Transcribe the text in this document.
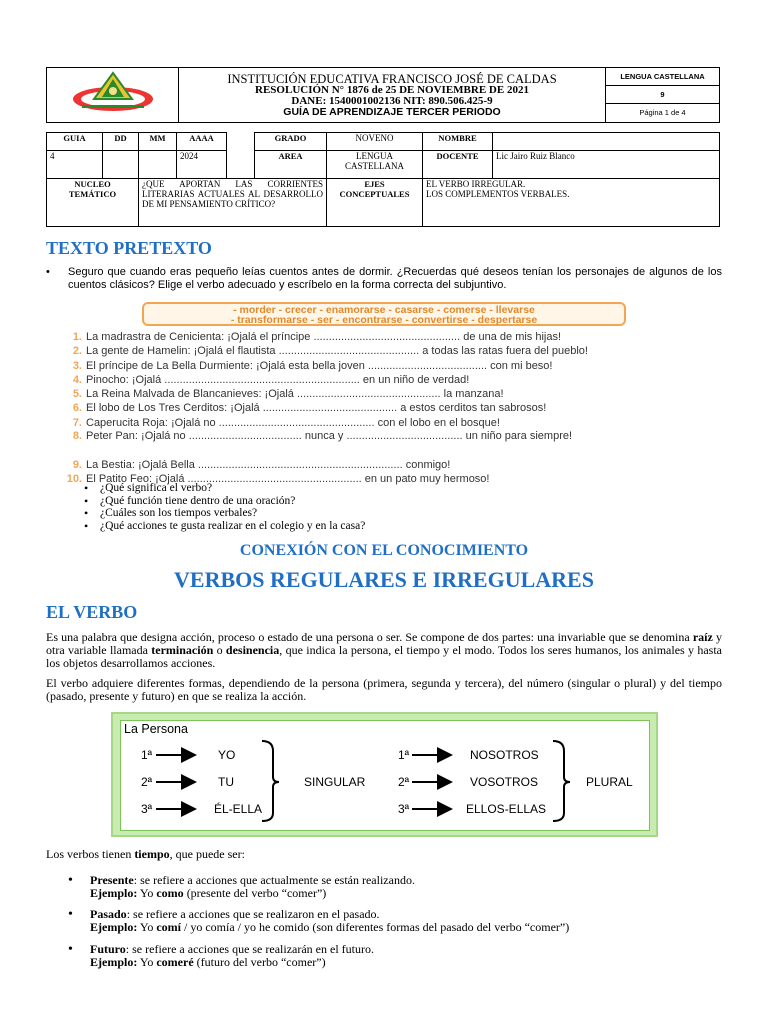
INSTITUCIÓN EDUCATIVA FRANCISCO JOSÉ DE CALDAS
RESOLUCIÓN N° 1876 de 25 DE NOVIEMBRE DE 2021
DANE: 1540001002136 NIT: 890.506.425-9
GUÍA DE APRENDIZAJE TERCER PERIODO

LENGUA CASTELLANA
9
Página 1 de 4
GUIA	DD	MM	AAAA		GRADO	NOVENO	NOMBRE	
4			2024		AREA	LENGUA CASTELLANA	DOCENTE	Lic Jairo Ruiz Blanco
NUCLEO TEMÁTICO		¿QUE APORTAN LAS CORRIENTES LITERARIAS ACTUALES AL DESARROLLO DE MI PENSAMIENTO CRÍTICO?				EJES CONCEPTUALES	EL VERBO IRREGULAR.
LOS COMPLEMENTOS VERBALES.	
TEXTO PRETEXTO
• Seguro que cuando eras pequeño leías cuentos antes de dormir. ¿Recuerdas qué deseos tenían los personajes de algunos de los cuentos clásicos? Elige el verbo adecuado y escríbelo en la forma correcta del subjuntivo.
- morder - crecer - enamorarse - casarse - comerse - llevarse
- transformarse - ser - encontrarse - convertirse - despertarse
1. La madrastra de Cenicienta: ¡Ojalá el príncipe ................................................ de una de mis hijas!
2. La gente de Hamelin: ¡Ojalá el flautista .............................................. a todas las ratas fuera del pueblo!
3. El príncipe de La Bella Durmiente: ¡Ojalá esta bella joven ....................................... con mi beso!
4. Pinocho: ¡Ojalá ................................................................ en un niño de verdad!
5. La Reina Malvada de Blancanieves: ¡Ojalá ............................................... la manzana!
6. El lobo de Los Tres Cerditos: ¡Ojalá ............................................ a estos cerditos tan sabrosos!
7. Caperucita Roja: ¡Ojalá no ................................................... con el lobo en el bosque!
8. Peter Pan: ¡Ojalá no ..................................... nunca y ...................................... un niño para siempre!
9. La Bestia: ¡Ojalá Bella ................................................................... conmigo!
10. El Patito Feo: ¡Ojalá ......................................................... en un pato muy hermoso!
• ¿Qué significa el verbo?
• ¿Qué función tiene dentro de una oración?
• ¿Cuáles son los tiempos verbales?
• ¿Qué acciones te gusta realizar en el colegio y en la casa?
CONEXIÓN CON EL CONOCIMIENTO
VERBOS REGULARES E IRREGULARES
EL VERBO
Es una palabra que designa acción, proceso o estado de una persona o ser. Se compone de dos partes: una invariable que se denomina raíz y otra variable llamada terminación o desinencia, que indica la persona, el tiempo y el modo. Todos los seres humanos, los animales y hasta los objetos desarrollamos acciones.
El verbo adquiere diferentes formas, dependiendo de la persona (primera, segunda y tercera), del número (singular o plural) y del tiempo (pasado, presente y futuro) en que se realiza la acción.
La Persona
1ª	YO
2ª	TU
3ª	ÉL-ELLA
SINGULAR
1ª	NOSOTROS
2ª	VOSOTROS
3ª	ELLOS-ELLAS
PLURAL
Los verbos tienen tiempo, que puede ser:
• Presente: se refiere a acciones que actualmente se están realizando.
Ejemplo: Yo como (presente del verbo “comer”)
• Pasado: se refiere a acciones que se realizaron en el pasado.
Ejemplo: Yo comí / yo comía / yo he comido (son diferentes formas del pasado del verbo “comer”)
• Futuro: se refiere a acciones que se realizarán en el futuro.
Ejemplo: Yo comeré (futuro del verbo “comer”)
